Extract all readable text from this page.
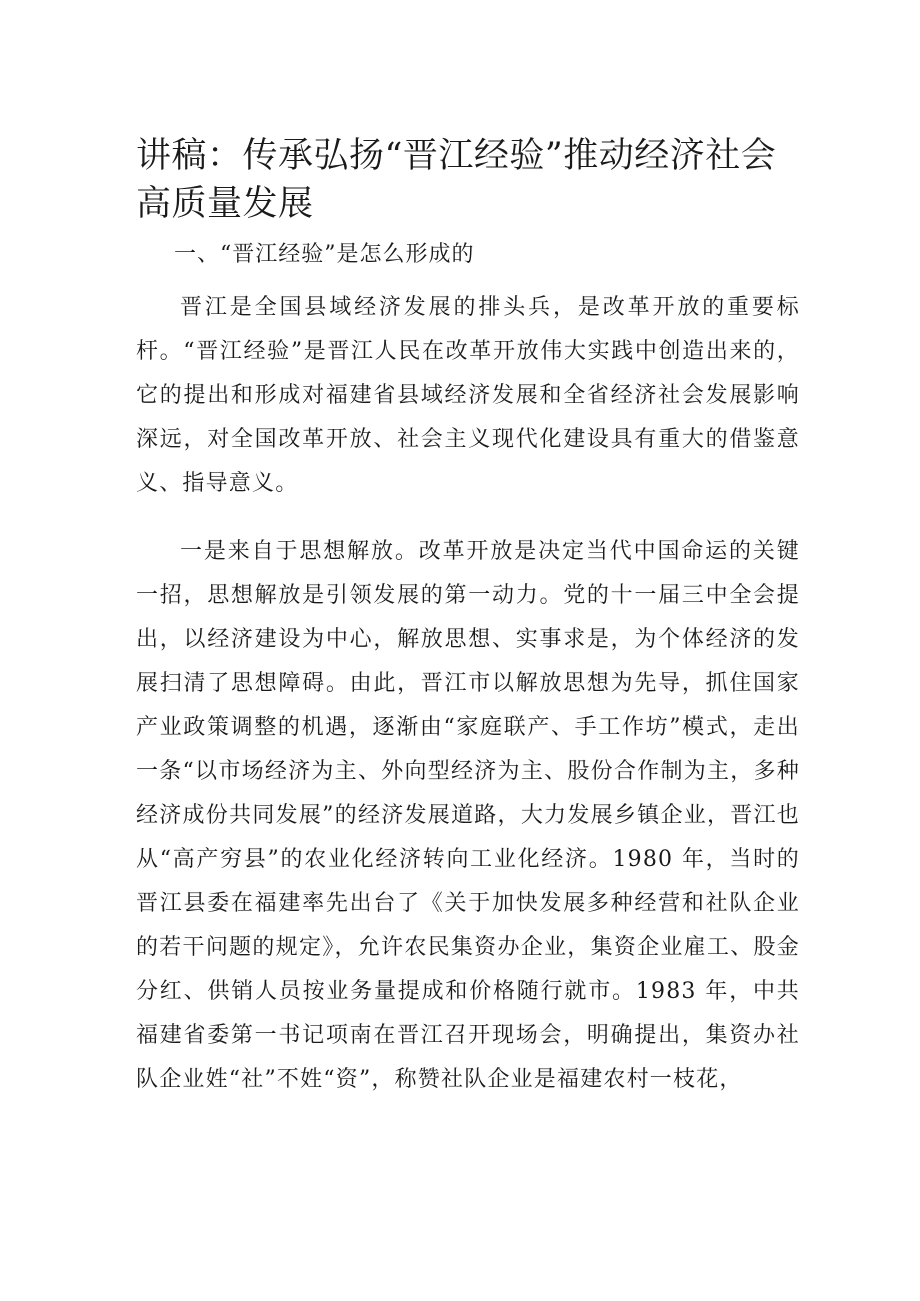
讲稿：传承弘扬“晋江经验”推动经济社会高质量发展
一、“晋江经验”是怎么形成的

晋江是全国县域经济发展的排头兵，是改革开放的重要标杆。“晋江经验”是晋江人民在改革开放伟大实践中创造出来的，它的提出和形成对福建省县域经济发展和全省经济社会发展影响深远，对全国改革开放、社会主义现代化建设具有重大的借鉴意义、指导意义。

一是来自于思想解放。改革开放是决定当代中国命运的关键一招，思想解放是引领发展的第一动力。党的十一届三中全会提出，以经济建设为中心，解放思想、实事求是，为个体经济的发展扫清了思想障碍。由此，晋江市以解放思想为先导，抓住国家产业政策调整的机遇，逐渐由“家庭联产、手工作坊”模式，走出一条“以市场经济为主、外向型经济为主、股份合作制为主，多种经济成份共同发展”的经济发展道路，大力发展乡镇企业，晋江也从“高产穷县”的农业化经济转向工业化经济。1980 年，当时的晋江县委在福建率先出台了《关于加快发展多种经营和社队企业的若干问题的规定》，允许农民集资办企业，集资企业雇工、股金分红、供销人员按业务量提成和价格随行就市。1983 年，中共福建省委第一书记项南在晋江召开现场会，明确提出，集资办社队企业姓“社”不姓“资”，称赞社队企业是福建农村一枝花，
